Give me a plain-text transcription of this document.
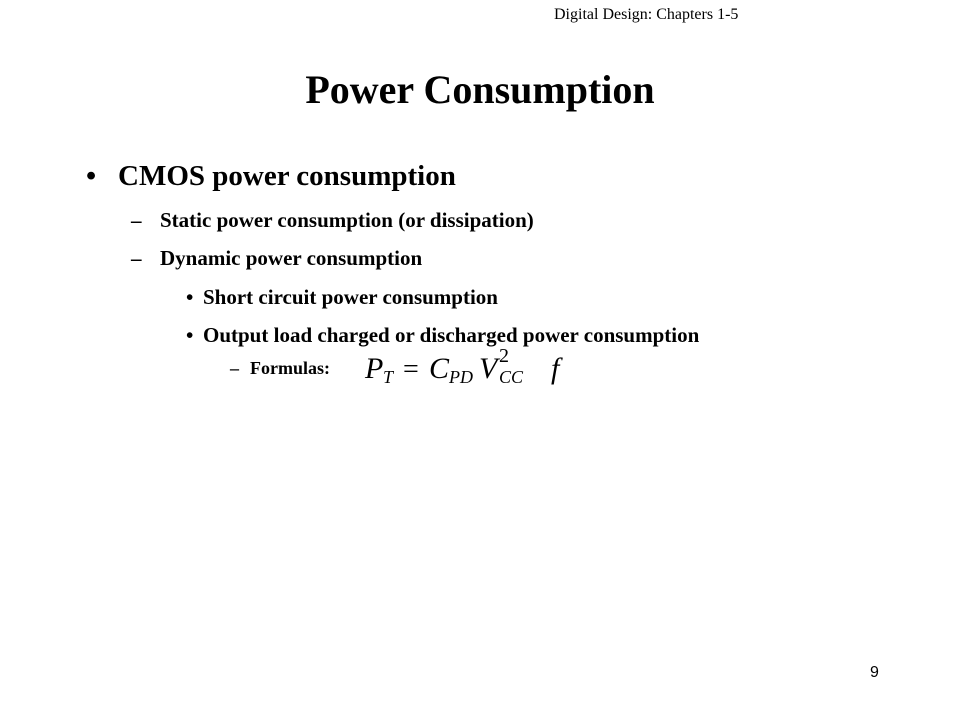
Digital Design: Chapters 1-5
Power Consumption
• CMOS power consumption
– Static power consumption (or dissipation)
– Dynamic power consumption
• Short circuit power consumption
• Output load charged or discharged power consumption
– Formulas: P T = C PD V 2
CC f
9
